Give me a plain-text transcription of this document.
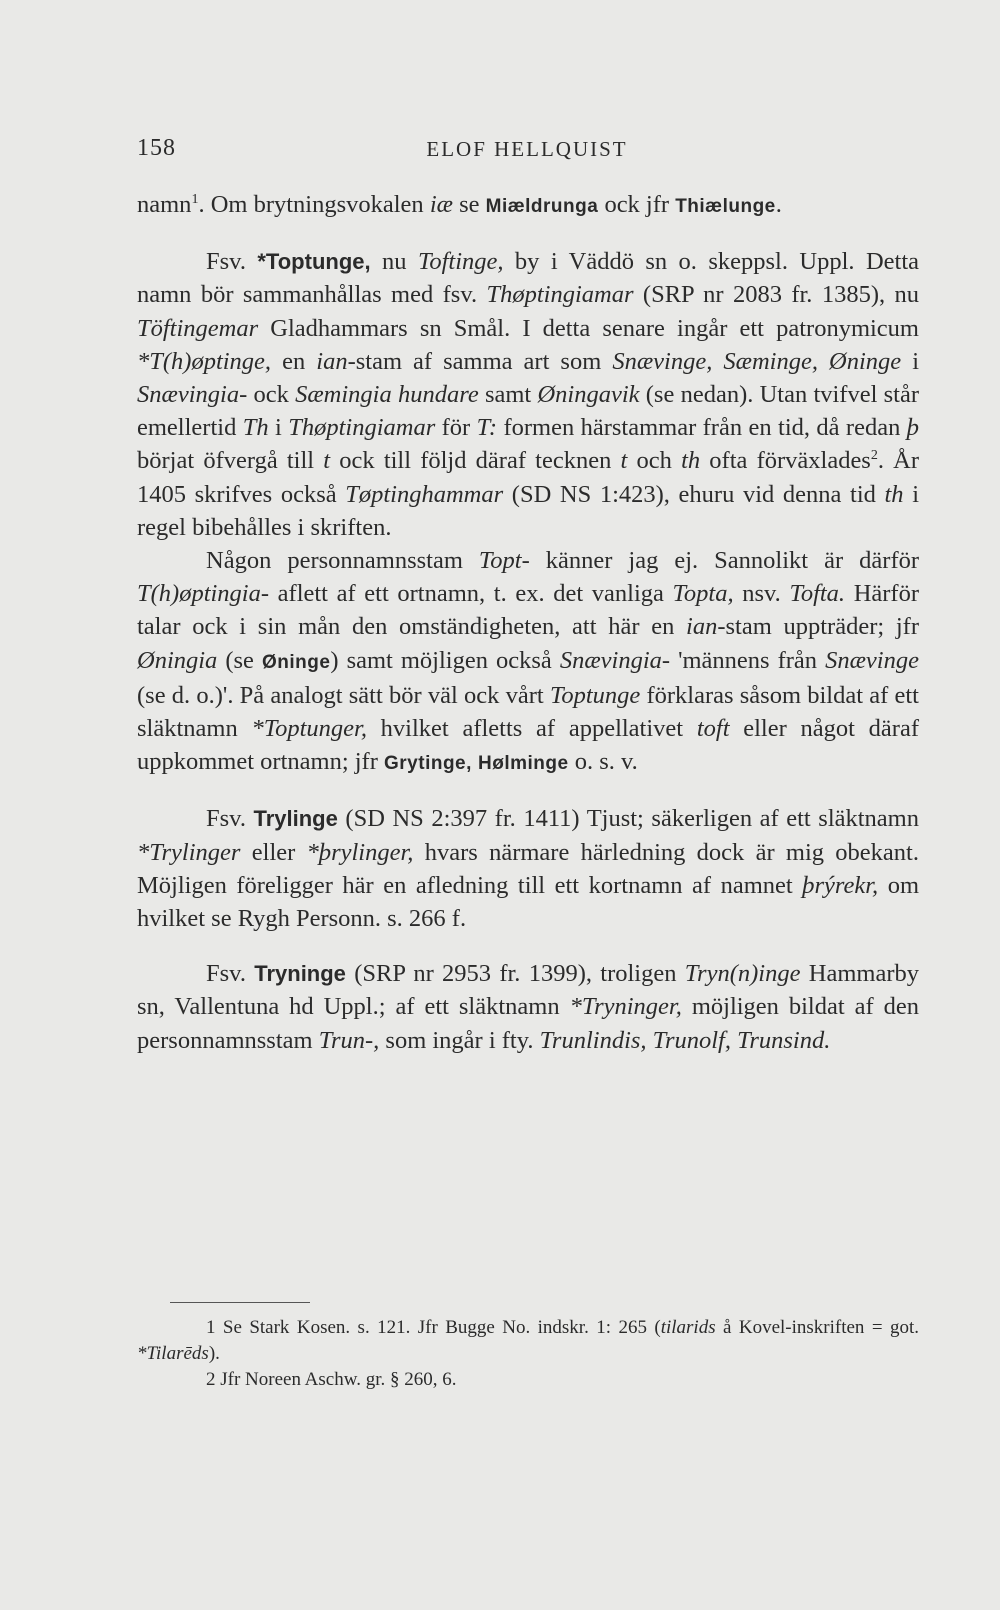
158	ELOF HELLQUIST

namn$^1$. Om brytningsvokalen iæ se Miældrunga ock jfr Thiælunge.

Fsv. *Toptunge, nu Toftinge, by i Väddö sn o. skeppsl. Uppl. Detta namn bör sammanhållas med fsv. Thøptingiamar (SRP nr 2083 fr. 1385), nu Töftingemar Gladhammars sn Smål. I detta senare ingår ett patronymicum *T(h)øptinge, en ian-stam af samma art som Snævinge, Sæminge, Øninge i Snævingia- ock Sæmingia hundare samt Øningavik (se nedan). Utan tvifvel står emellertid Th i Thøptingiamar för T: formen härstammar från en tid, då redan þ börjat öfvergå till t ock till följd däraf tecknen t och th ofta förväxlades$^2$. År 1405 skrifves också Tøptinghammar (SD NS 1:423), ehuru vid denna tid th i regel bibehålles i skriften.

Någon personnamnsstam Topt- känner jag ej. Sannolikt är därför T(h)øptingia- aflett af ett ortnamn, t. ex. det vanliga Topta, nsv. Tofta. Härför talar ock i sin mån den omständigheten, att här en ian-stam uppträder; jfr Øningia (se Øninge) samt möjligen också Snævingia- 'männens från Snævinge (se d. o.)'. På analogt sätt bör väl ock vårt Toptunge förklaras såsom bildat af ett släktnamn *Toptunger, hvilket afletts af appellativet toft eller något däraf uppkommet ortnamn; jfr Grytinge, Hølminge o. s. v.

Fsv. Trylinge (SD NS 2:397 fr. 1411) Tjust; säkerligen af ett släktnamn *Trylinger eller *þrylinger, hvars närmare härledning dock är mig obekant. Möjligen föreligger här en afledning till ett kortnamn af namnet þrýrekr, om hvilket se Rygh Personn. s. 266 f.

Fsv. Tryninge (SRP nr 2953 fr. 1399), troligen Tryn(n)inge Hammarby sn, Vallentuna hd Uppl.; af ett släktnamn *Tryninger, möjligen bildat af den personnamnsstam Trun-, som ingår i fty. Trunlindis, Trunolf, Trunsind.

1 Se Stark Kosen. s. 121. Jfr Bugge No. indskr. 1: 265 (tilarids å Kovel-inskriften = got. *Tilarēds).

2 Jfr Noreen Aschw. gr. § 260, 6.
